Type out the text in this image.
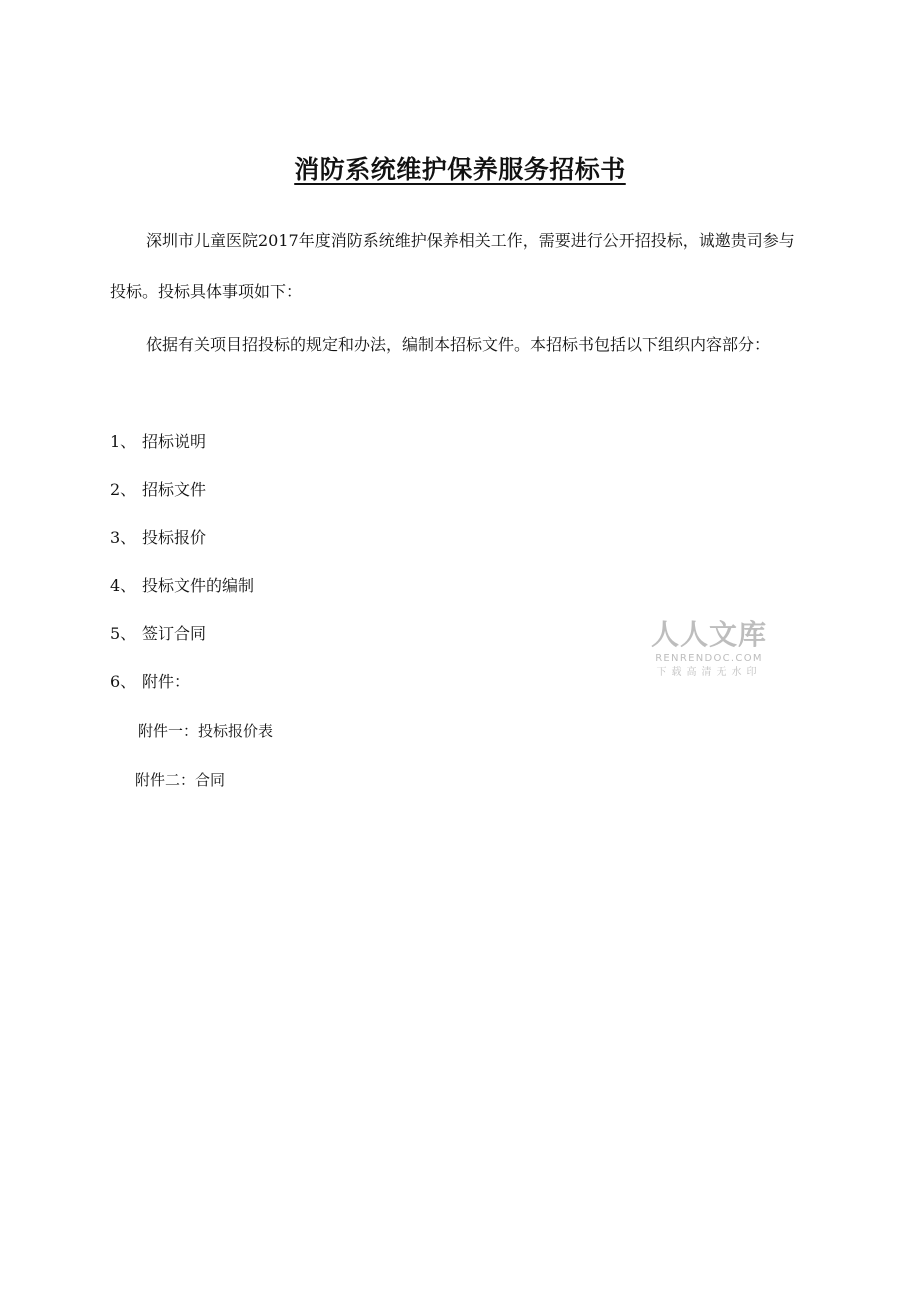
消防系统维护保养服务招标书

深圳市儿童医院2017年度消防系统维护保养相关工作，需要进行公开招投标，诚邀贵司参与投标。投标具体事项如下：

依据有关项目招投标的规定和办法，编制本招标文件。本招标书包括以下组织内容部分：

1、 招标说明
2、 招标文件
3、 投标报价
4、 投标文件的编制
5、 签订合同
6、 附件：
附件一：投标报价表
附件二：合同
人人文库
RENRENDOC.COM
下载高清无水印
